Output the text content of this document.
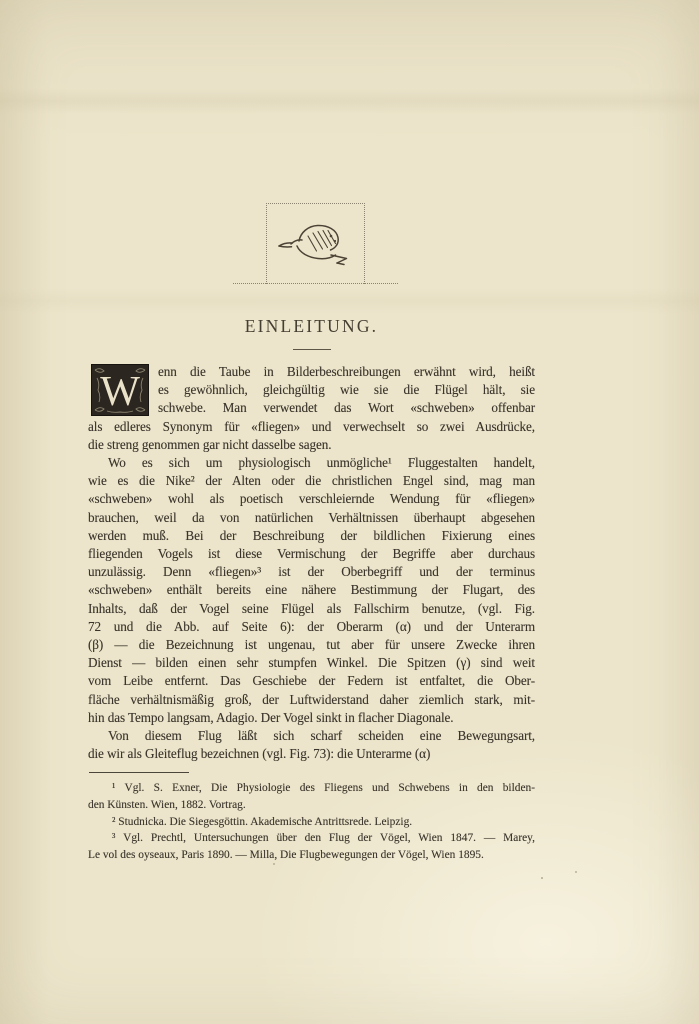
EINLEITUNG.
W	enn die Taube in Bilderbeschreibungen erwähnt wird, heißt
es gewöhnlich, gleichgültig wie sie die Flügel hält, sie
schwebe. Man verwendet das Wort «schweben» offenbar
als edleres Synonym für «fliegen» und verwechselt so zwei Ausdrücke,
die streng genommen gar nicht dasselbe sagen.
Wo es sich um physiologisch unmögliche¹ Fluggestalten handelt,
wie es die Nike² der Alten oder die christlichen Engel sind, mag man
«schweben» wohl als poetisch verschleiernde Wendung für «fliegen»
brauchen, weil da von natürlichen Verhältnissen überhaupt abgesehen
werden muß. Bei der Beschreibung der bildlichen Fixierung eines
fliegenden Vogels ist diese Vermischung der Begriffe aber durchaus
unzulässig. Denn «fliegen»³ ist der Oberbegriff und der terminus
«schweben» enthält bereits eine nähere Bestimmung der Flugart, des
Inhalts, daß der Vogel seine Flügel als Fallschirm benutze, (vgl. Fig.
72 und die Abb. auf Seite 6): der Oberarm (α) und der Unterarm
(β) — die Bezeichnung ist ungenau, tut aber für unsere Zwecke ihren
Dienst — bilden einen sehr stumpfen Winkel. Die Spitzen (γ) sind weit
vom Leibe entfernt. Das Geschiebe der Federn ist entfaltet, die Ober-
fläche verhältnismäßig groß, der Luftwiderstand daher ziemlich stark, mit-
hin das Tempo langsam, Adagio. Der Vogel sinkt in flacher Diagonale.
Von diesem Flug läßt sich scharf scheiden eine Bewegungsart,
die wir als Gleiteflug bezeichnen (vgl. Fig. 73): die Unterarme (α)
¹ Vgl. S. Exner, Die Physiologie des Fliegens und Schwebens in den bilden-
den Künsten. Wien, 1882. Vortrag.
² Studnicka. Die Siegesgöttin. Akademische Antrittsrede. Leipzig.
³ Vgl. Prechtl, Untersuchungen über den Flug der Vögel, Wien 1847. — Marey,
Le vol des oyseaux, Paris 1890. — Milla, Die Flugbewegungen der Vögel, Wien 1895.
